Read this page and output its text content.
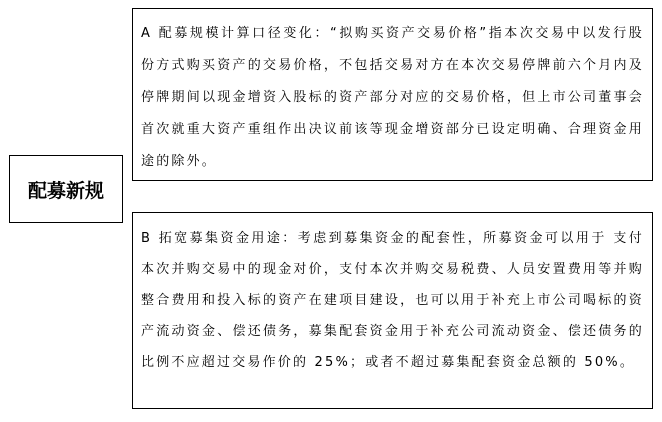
配募新规

A 配募规模计算口径变化：“拟购买资产交易价格”指本次交易中以发行股份方式购买资产的交易价格，不包括交易对方在本次交易停牌前六个月内及停牌期间以现金增资入股标的资产部分对应的交易价格，但上市公司董事会首次就重大资产重组作出决议前该等现金增资部分已设定明确、合理资金用途的除外。

B 拓宽募集资金用途：考虑到募集资金的配套性，所募资金可以用于 支付本次并购交易中的现金对价，支付本次并购交易税费、人员安置费用等并购整合费用和投入标的资产在建项目建设，也可以用于补充上市公司喝标的资产流动资金、偿还债务，募集配套资金用于补充公司流动资金、偿还债务的比例不应超过交易作价的 25%；或者不超过募集配套资金总额的 50%。
